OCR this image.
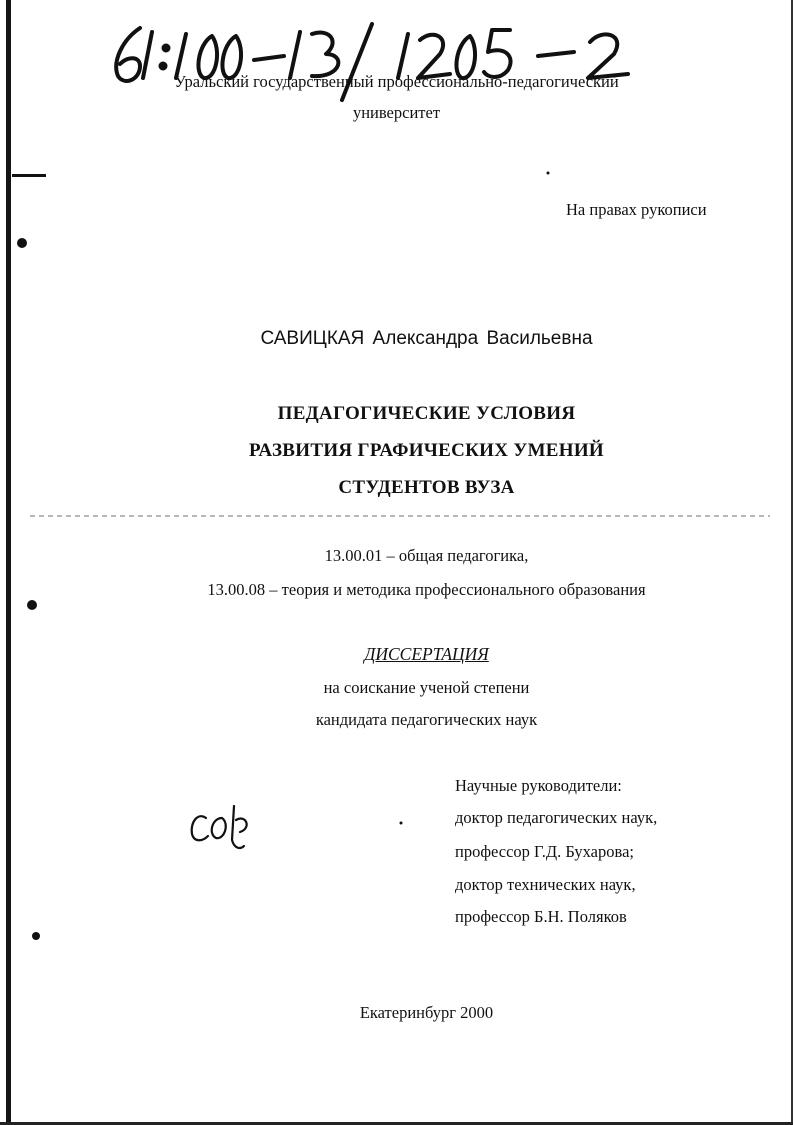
Уральский государственный профессионально-педагогический
университет
На правах рукописи
САВИЦКАЯ Александра Васильевна
ПЕДАГОГИЧЕСКИЕ УСЛОВИЯ
РАЗВИТИЯ ГРАФИЧЕСКИХ УМЕНИЙ
СТУДЕНТОВ ВУЗА
13.00.01 – общая педагогика,
13.00.08 – теория и методика профессионального образования
ДИССЕРТАЦИЯ
на соискание ученой степени
кандидата педагогических наук
Научные руководители:
доктор педагогических наук,
профессор Г.Д. Бухарова;
доктор технических наук,
профессор Б.Н. Поляков
Екатеринбург 2000
